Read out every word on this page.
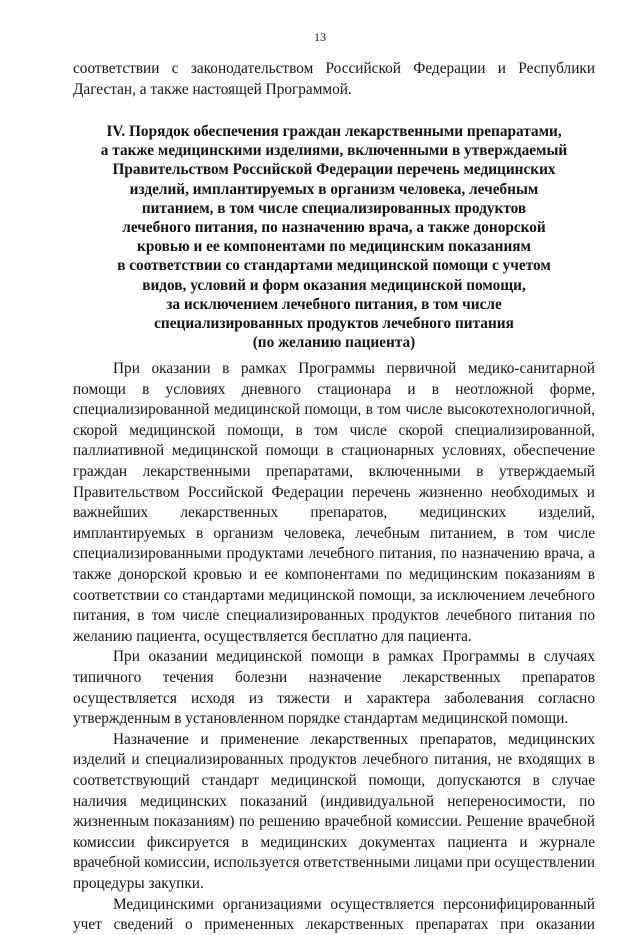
13
IV. Порядок обеспечения граждан лекарственными препаратами,
а также медицинскими изделиями, включенными в утверждаемый
Правительством Российской Федерации перечень медицинских
изделий, имплантируемых в организм человека, лечебным
питанием, в том числе специализированных продуктов
лечебного питания, по назначению врача, а также донорской
кровью и ее компонентами по медицинским показаниям
в соответствии со стандартами медицинской помощи с учетом
видов, условий и форм оказания медицинской помощи,
за исключением лечебного питания, в том числе
специализированных продуктов лечебного питания
(по желанию пациента)
соответствии с законодательством Российской Федерации и Республики
Дагестан, а также настоящей Программой.
При оказании в рамках Программы первичной медико-санитарной
помощи в условиях дневного стационара и в неотложной форме,
специализированной медицинской помощи, в том числе высокотехнологичной,
скорой медицинской помощи, в том числе скорой специализированной,
паллиативной медицинской помощи в стационарных условиях, обеспечение
граждан лекарственными препаратами, включенными в утверждаемый
Правительством Российской Федерации перечень жизненно необходимых и
важнейших лекарственных препаратов, медицинских изделий,
имплантируемых в организм человека, лечебным питанием, в том числе
специализированными продуктами лечебного питания, по назначению врача, а
также донорской кровью и ее компонентами по медицинским показаниям в
соответствии со стандартами медицинской помощи, за исключением лечебного
питания, в том числе специализированных продуктов лечебного питания по
желанию пациента, осуществляется бесплатно для пациента.
При оказании медицинской помощи в рамках Программы в случаях
типичного течения болезни назначение лекарственных препаратов
осуществляется исходя из тяжести и характера заболевания согласно
утвержденным в установленном порядке стандартам медицинской помощи.
Назначение и применение лекарственных препаратов, медицинских
изделий и специализированных продуктов лечебного питания, не входящих в
соответствующий стандарт медицинской помощи, допускаются в случае
наличия медицинских показаний (индивидуальной непереносимости, по
жизненным показаниям) по решению врачебной комиссии. Решение врачебной
комиссии фиксируется в медицинских документах пациента и журнале
врачебной комиссии, используется ответственными лицами при осуществлении
процедуры закупки.
Медицинскими организациями осуществляется персонифицированный
учет сведений о примененных лекарственных препаратах при оказании
